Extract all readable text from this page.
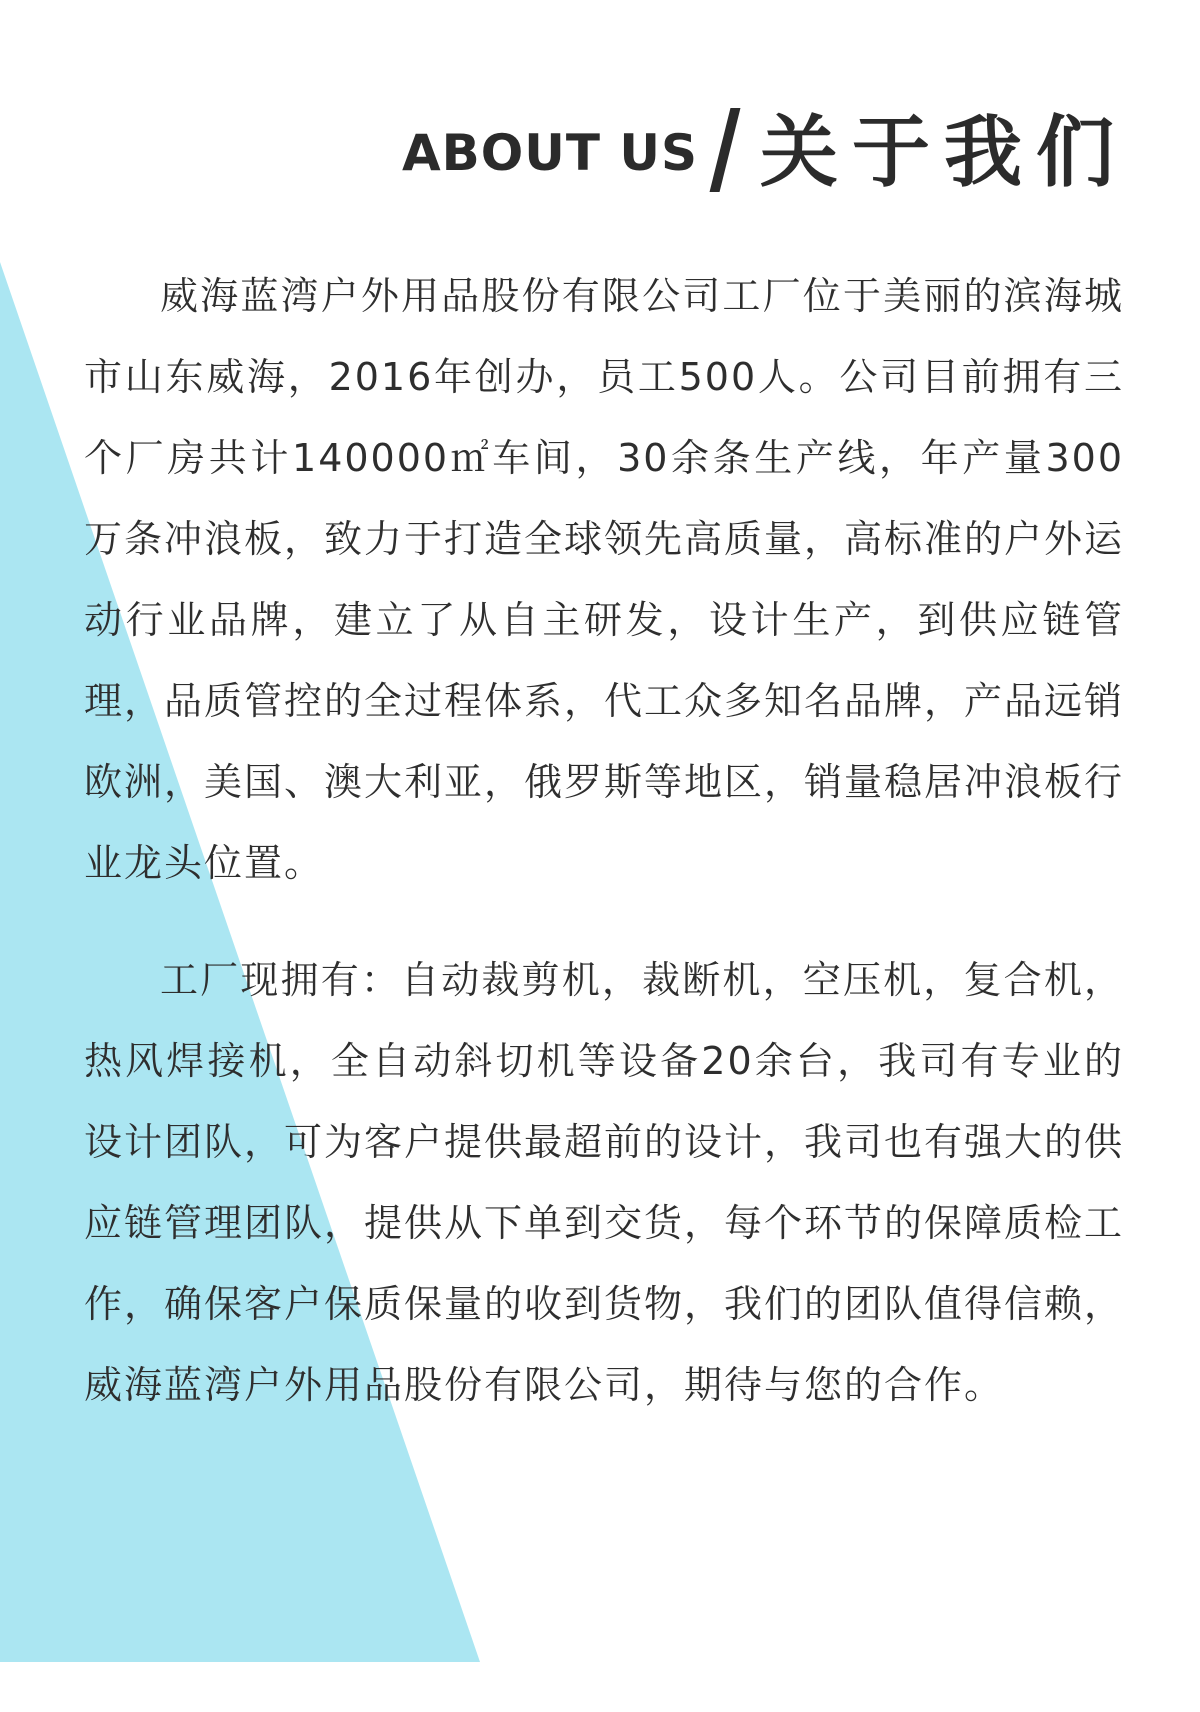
ABOUT US 关于我们

威海蓝湾户外用品股份有限公司工厂位于美丽的滨海城市山东威海，2016年创办，员工500人。公司目前拥有三个厂房共计140000㎡车间，30余条生产线，年产量300万条冲浪板，致力于打造全球领先高质量，高标准的户外运动行业品牌，建立了从自主研发，设计生产，到供应链管理，品质管控的全过程体系，代工众多知名品牌，产品远销欧洲，美国、澳大利亚，俄罗斯等地区，销量稳居冲浪板行业龙头位置。

工厂现拥有：自动裁剪机，裁断机，空压机，复合机，热风焊接机，全自动斜切机等设备20余台，我司有专业的设计团队，可为客户提供最超前的设计，我司也有强大的供应链管理团队，提供从下单到交货，每个环节的保障质检工作，确保客户保质保量的收到货物，我们的团队值得信赖，威海蓝湾户外用品股份有限公司，期待与您的合作。
